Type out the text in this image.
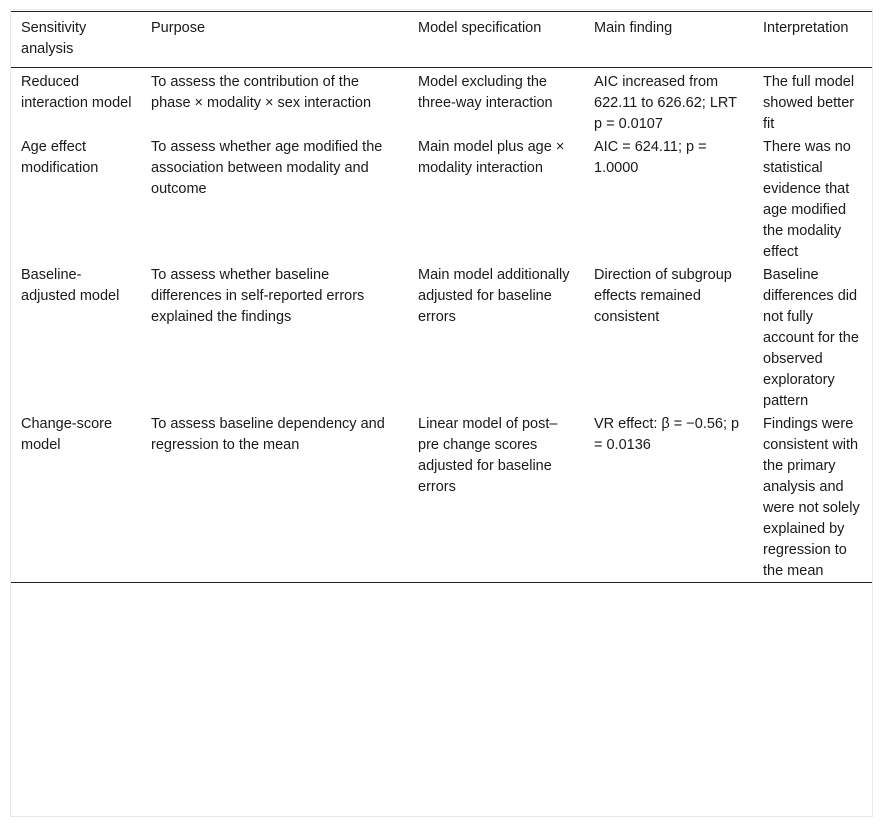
Sensitivity analysis	Purpose	Model specification	Main finding	Interpretation
Reduced interaction model	To assess the contribution of the phase × modality × sex interaction	Model excluding the three-way interaction	AIC increased from 622.11 to 626.62; LRT p = 0.0107	The full model showed better fit
Age effect modification	To assess whether age modified the association between modality and outcome	Main model plus age × modality interaction	AIC = 624.11; p = 1.0000	There was no statistical evidence that age modified the modality effect
Baseline-adjusted model	To assess whether baseline differences in self-reported errors explained the findings	Main model additionally adjusted for baseline errors	Direction of subgroup effects remained consistent	Baseline differences did not fully account for the observed exploratory pattern
Change-score model	To assess baseline dependency and regression to the mean	Linear model of post–pre change scores adjusted for baseline errors	VR effect: β = −0.56; p = 0.0136	Findings were consistent with the primary analysis and were not solely explained by regression to the mean
